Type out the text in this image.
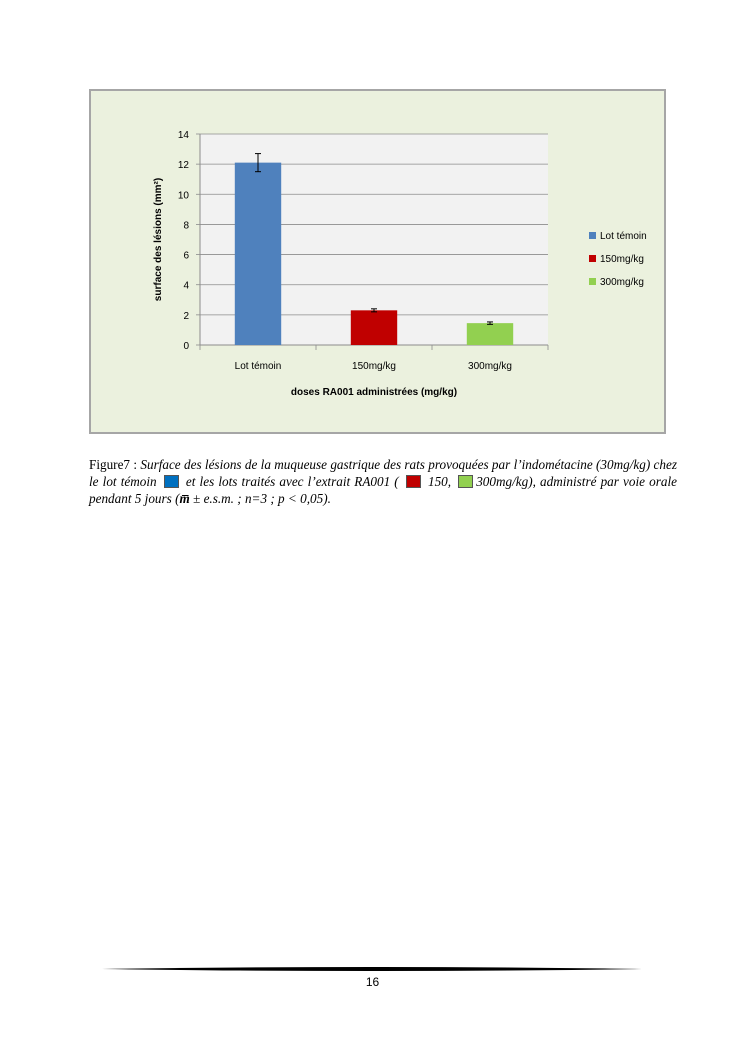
0
2
4
6
8
10
12
14
Lot témoin	150mg/kg	300mg/kg
doses RA001 administrées (mg/kg)
surface des lésions (mm²)	Lot témoin
150mg/kg
300mg/kg
Figure7 : Surface des lésions de la muqueuse gastrique des rats provoquées par l’indométacine (30mg/kg) chez le lot témoin et les lots traités avec l’extrait RA001 ( 150, 300mg/kg), administré par voie orale pendant 5 jours (m̅ ± e.s.m. ; n=3 ; p < 0,05).
16
